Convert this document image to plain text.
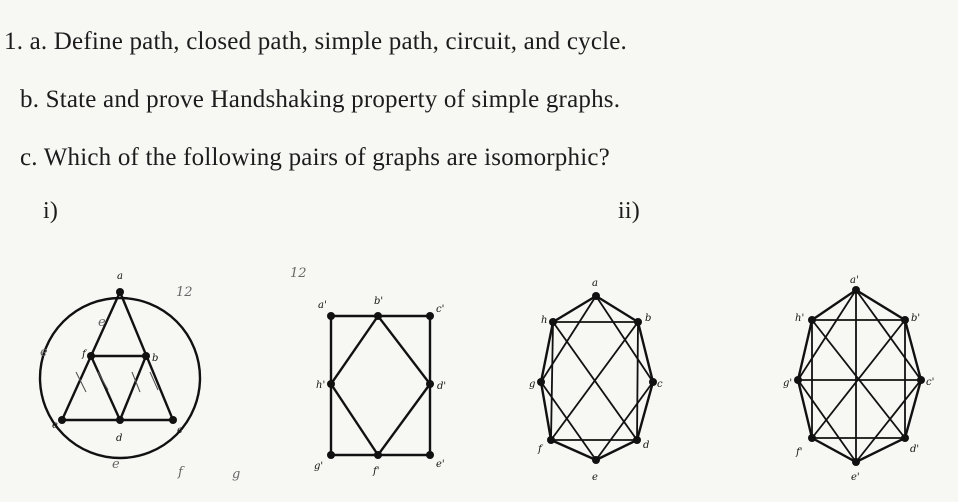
1. a. Define path, closed path, simple path, circuit, and cycle.
b. State and prove Handshaking property of simple graphs.
c. Which of the following pairs of graphs are isomorphic?
i)	ii)
a
b
c
d
e
f
12
12
e
e
e
f	g
a'	b'
c'
d'
e'
f'
g'
h'
a
b
c
d
e
f
g
h
a'
b'
c'
d'
e'
f'
g'
h'
